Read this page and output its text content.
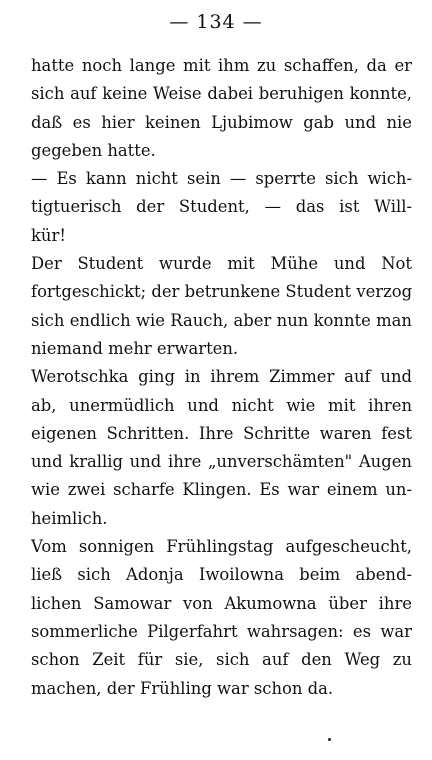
— 134 —
hatte noch lange mit ihm zu schaffen, da er
sich auf keine Weise dabei beruhigen konnte,
daß es hier keinen Ljubimow gab und nie
gegeben hatte.
— Es kann nicht sein — sperrte sich wich-
tigtuerisch der Student, — das ist Will-
kür!
Der Student wurde mit Mühe und Not
fortgeschickt; der betrunkene Student verzog
sich endlich wie Rauch, aber nun konnte man
niemand mehr erwarten.
Werotschka ging in ihrem Zimmer auf und
ab, unermüdlich und nicht wie mit ihren
eigenen Schritten. Ihre Schritte waren fest
und krallig und ihre „unverschämten" Augen
wie zwei scharfe Klingen. Es war einem un-
heimlich.
Vom sonnigen Frühlingstag aufgescheucht,
ließ sich Adonja Iwoilowna beim abend-
lichen Samowar von Akumowna über ihre
sommerliche Pilgerfahrt wahrsagen: es war
schon Zeit für sie, sich auf den Weg zu
machen, der Frühling war schon da.
